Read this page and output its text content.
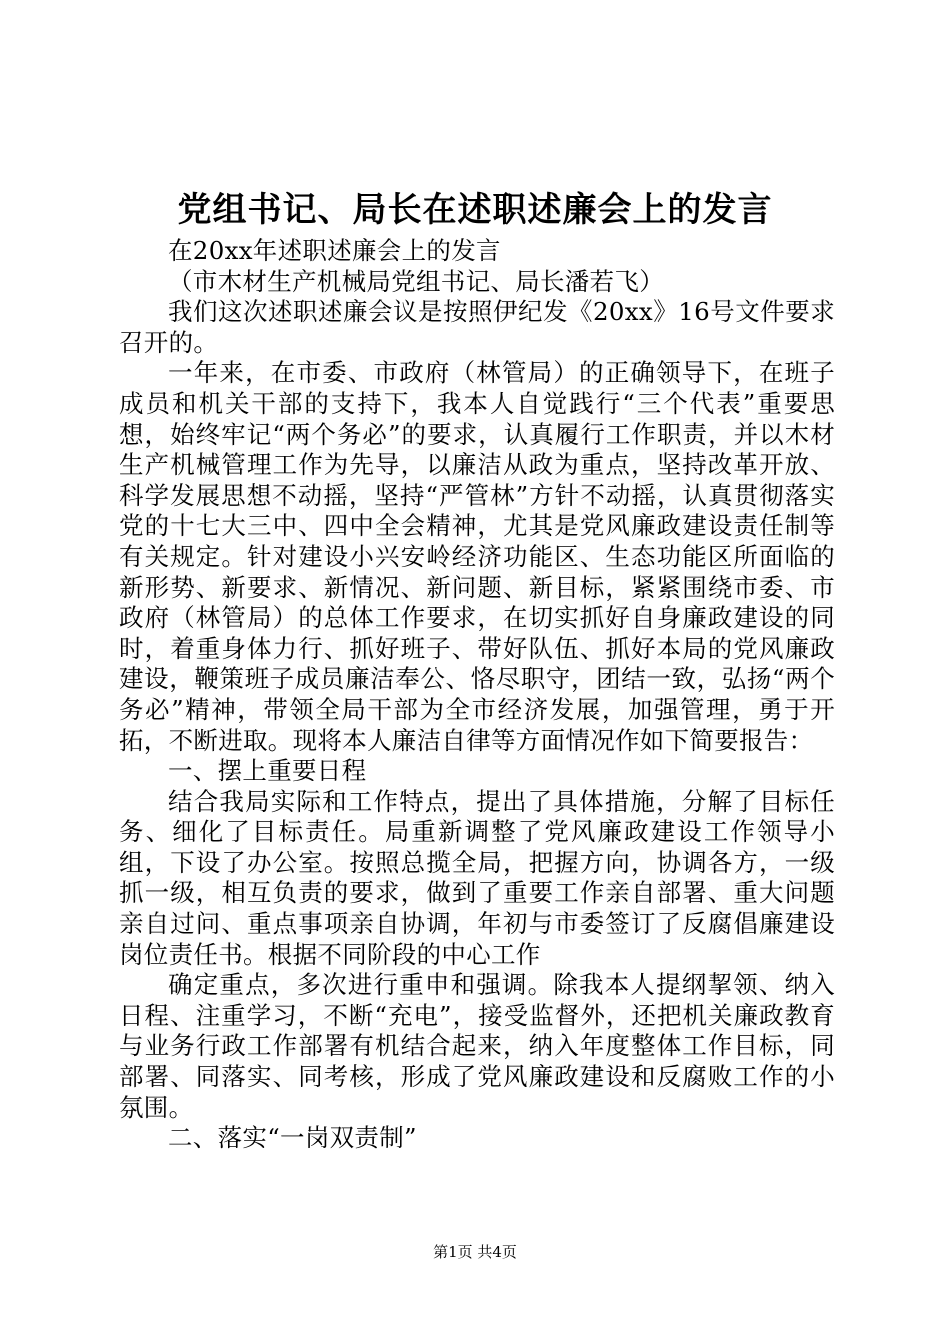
党组书记、局长在述职述廉会上的发言

在20xx年述职述廉会上的发言

（市木材生产机械局党组书记、局长潘若飞）

我们这次述职述廉会议是按照伊纪发《20xx》16号文件要求召开的。

一年来，在市委、市政府（林管局）的正确领导下，在班子成员和机关干部的支持下，我本人自觉践行“三个代表”重要思想，始终牢记“两个务必”的要求，认真履行工作职责，并以木材生产机械管理工作为先导，以廉洁从政为重点，坚持改革开放、科学发展思想不动摇，坚持“严管林”方针不动摇，认真贯彻落实党的十七大三中、四中全会精神，尤其是党风廉政建设责任制等有关规定。针对建设小兴安岭经济功能区、生态功能区所面临的新形势、新要求、新情况、新问题、新目标，紧紧围绕市委、市政府（林管局）的总体工作要求，在切实抓好自身廉政建设的同时，着重身体力行、抓好班子、带好队伍、抓好本局的党风廉政建设，鞭策班子成员廉洁奉公、恪尽职守，团结一致，弘扬“两个务必”精神，带领全局干部为全市经济发展，加强管理，勇于开拓，不断进取。现将本人廉洁自律等方面情况作如下简要报告：

一、摆上重要日程

结合我局实际和工作特点，提出了具体措施，分解了目标任务、细化了目标责任。局重新调整了党风廉政建设工作领导小组，下设了办公室。按照总揽全局，把握方向，协调各方，一级抓一级，相互负责的要求，做到了重要工作亲自部署、重大问题亲自过问、重点事项亲自协调，年初与市委签订了反腐倡廉建设岗位责任书。根据不同阶段的中心工作

确定重点，多次进行重申和强调。除我本人提纲挈领、纳入日程、注重学习，不断“充电”，接受监督外，还把机关廉政教育与业务行政工作部署有机结合起来，纳入年度整体工作目标，同部署、同落实、同考核，形成了党风廉政建设和反腐败工作的小氛围。

二、落实“一岗双责制”

第1页 共4页
